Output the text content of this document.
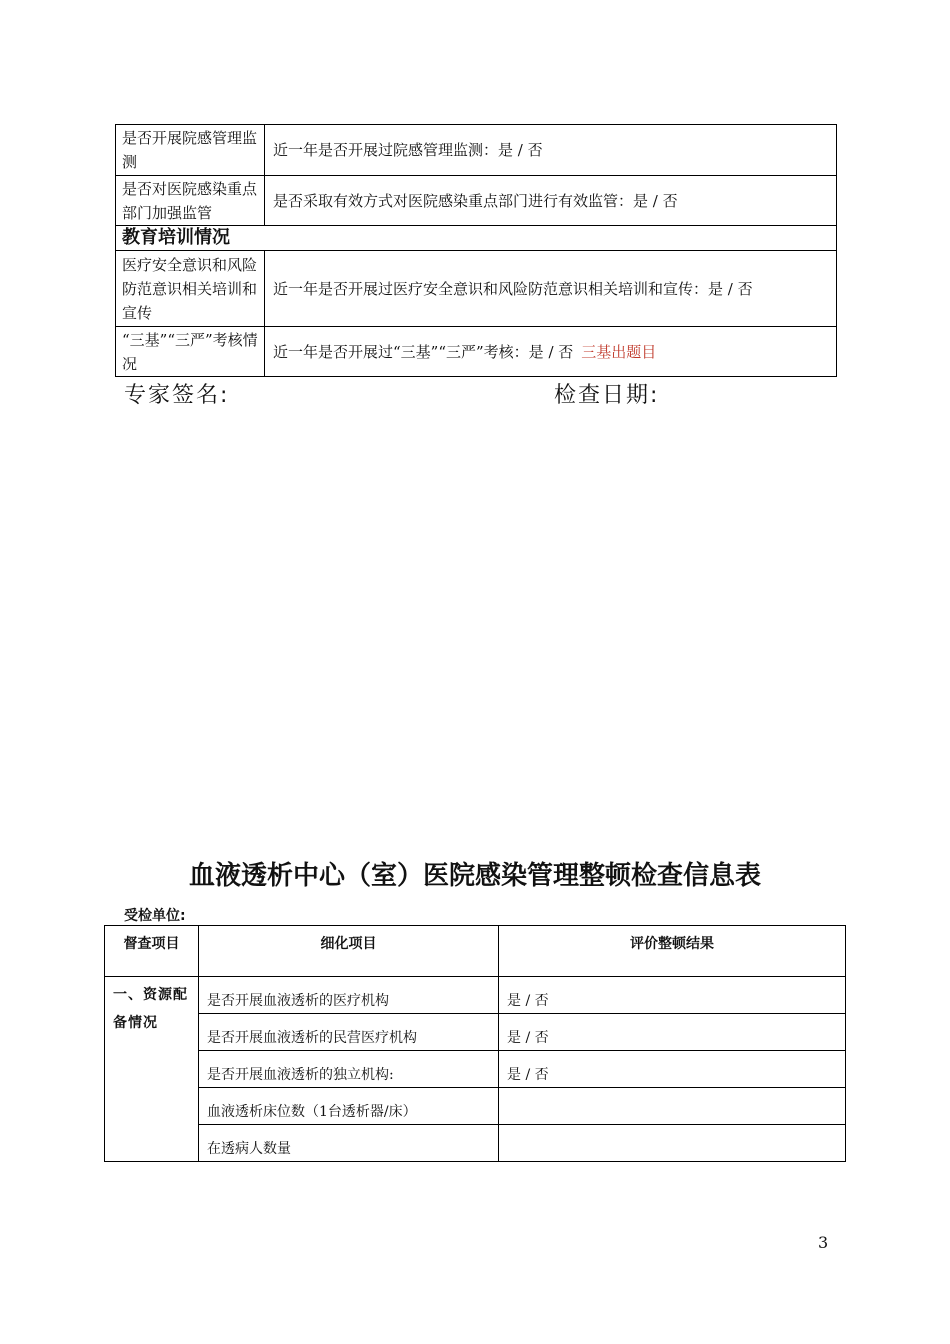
是否开展院感管理监测	近一年是否开展过院感管理监测：是 / 否
是否对医院感染重点部门加强监管	是否采取有效方式对医院感染重点部门进行有效监管：是 / 否
教育培训情况	
医疗安全意识和风险防范意识相关培训和宣传	近一年是否开展过医疗安全意识和风险防范意识相关培训和宣传：是 / 否
“三基”“三严”考核情况	近一年是否开展过“三基”“三严”考核：是 / 否 三基出题目
专家签名:	检查日期:
血液透析中心（室）医院感染管理整顿检查信息表
受检单位:
督查项目	细化项目	评价整顿结果
一、资源配备情况	是否开展血液透析的医疗机构	是 / 否
	是否开展血液透析的民营医疗机构	是 / 否
	是否开展血液透析的独立机构:	是 / 否
	血液透析床位数（1台透析器/床）	
	在透病人数量	
3
